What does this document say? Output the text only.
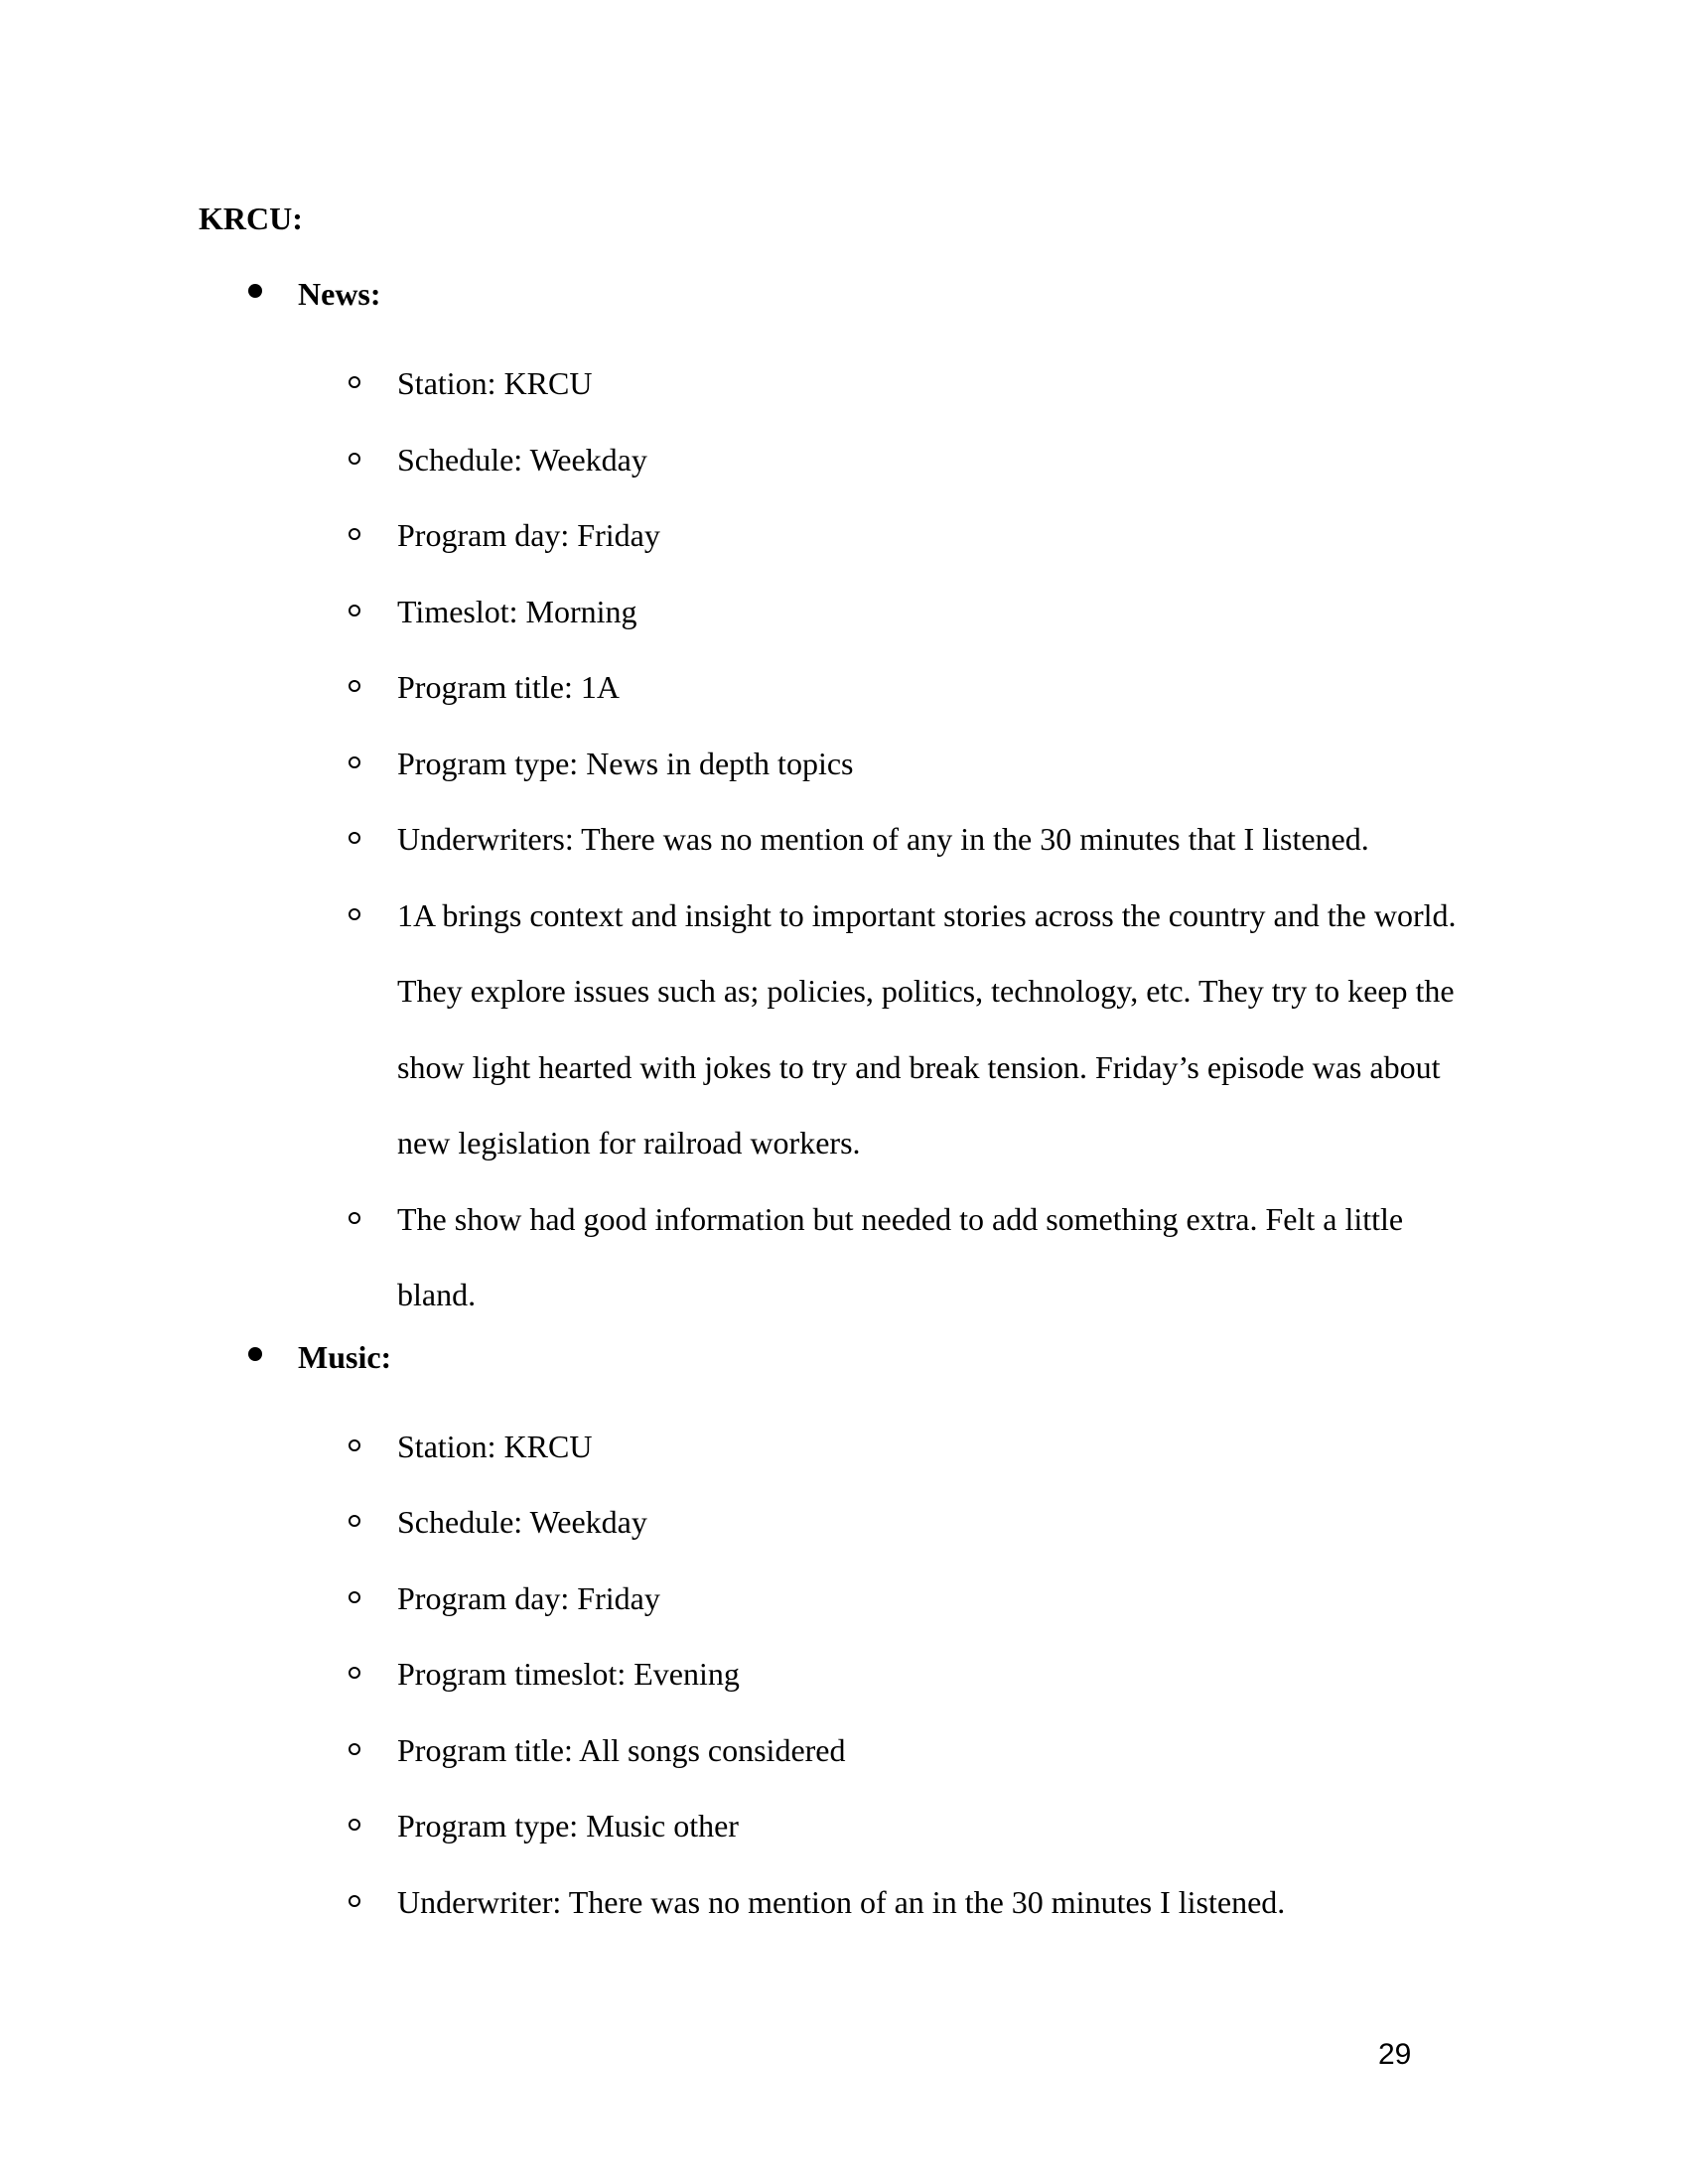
KRCU:
News:
Station: KRCU
Schedule: Weekday
Program day: Friday
Timeslot: Morning
Program title: 1A
Program type: News in depth topics
Underwriters: There was no mention of any in the 30 minutes that I listened.
1A brings context and insight to important stories across the country and the world. They explore issues such as; policies, politics, technology, etc. They try to keep the show light hearted with jokes to try and break tension. Friday’s episode was about new legislation for railroad workers.
The show had good information but needed to add something extra. Felt a little bland.
Music:
Station: KRCU
Schedule: Weekday
Program day: Friday
Program timeslot: Evening
Program title: All songs considered
Program type: Music other
Underwriter: There was no mention of an in the 30 minutes I listened.
29
